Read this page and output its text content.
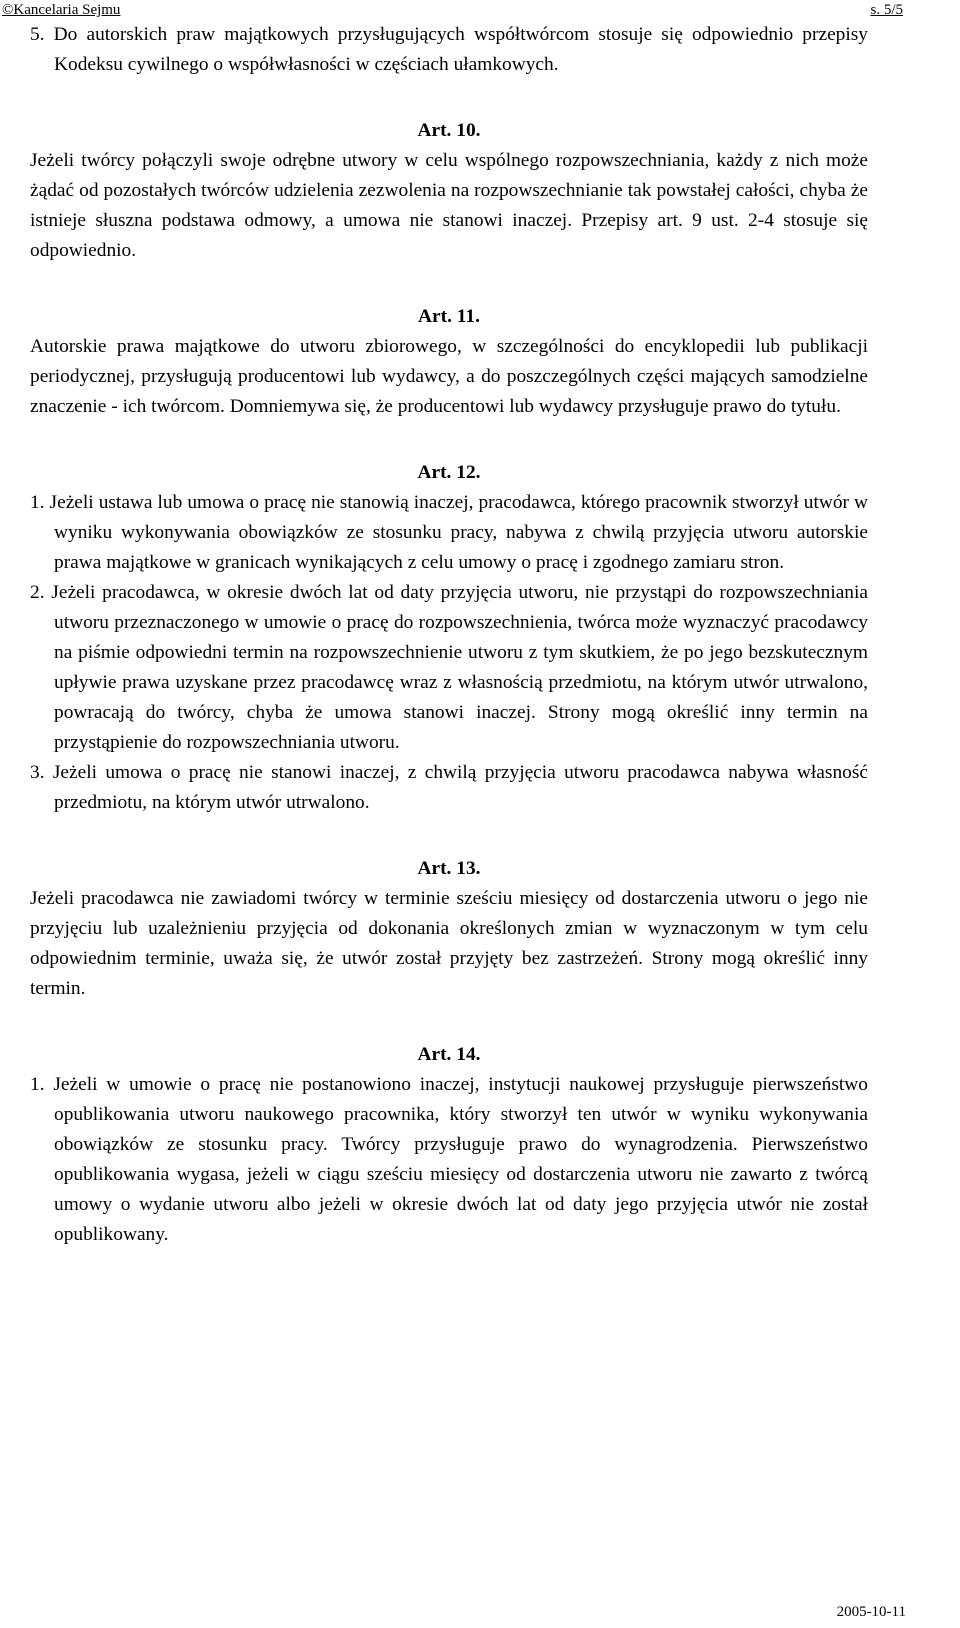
©Kancelaria Sejmu	s. 5/5

5. Do autorskich praw majątkowych przysługujących współtwórcom stosuje się odpowiednio przepisy Kodeksu cywilnego o współwłasności w częściach ułamkowych.

Art. 10.

Jeżeli twórcy połączyli swoje odrębne utwory w celu wspólnego rozpowszechniania, każdy z nich może żądać od pozostałych twórców udzielenia zezwolenia na rozpowszechnianie tak powstałej całości, chyba że istnieje słuszna podstawa odmowy, a umowa nie stanowi inaczej. Przepisy art. 9 ust. 2-4 stosuje się odpowiednio.

Art. 11.

Autorskie prawa majątkowe do utworu zbiorowego, w szczególności do encyklopedii lub publikacji periodycznej, przysługują producentowi lub wydawcy, a do poszczególnych części mających samodzielne znaczenie - ich twórcom. Domniemywa się, że producentowi lub wydawcy przysługuje prawo do tytułu.

Art. 12.

1. Jeżeli ustawa lub umowa o pracę nie stanowią inaczej, pracodawca, którego pracownik stworzył utwór w wyniku wykonywania obowiązków ze stosunku pracy, nabywa z chwilą przyjęcia utworu autorskie prawa majątkowe w granicach wynikających z celu umowy o pracę i zgodnego zamiaru stron.

2. Jeżeli pracodawca, w okresie dwóch lat od daty przyjęcia utworu, nie przystąpi do rozpowszechniania utworu przeznaczonego w umowie o pracę do rozpowszechnienia, twórca może wyznaczyć pracodawcy na piśmie odpowiedni termin na rozpowszechnienie utworu z tym skutkiem, że po jego bezskutecznym upływie prawa uzyskane przez pracodawcę wraz z własnością przedmiotu, na którym utwór utrwalono, powracają do twórcy, chyba że umowa stanowi inaczej. Strony mogą określić inny termin na przystąpienie do rozpowszechniania utworu.

3. Jeżeli umowa o pracę nie stanowi inaczej, z chwilą przyjęcia utworu pracodawca nabywa własność przedmiotu, na którym utwór utrwalono.

Art. 13.

Jeżeli pracodawca nie zawiadomi twórcy w terminie sześciu miesięcy od dostarczenia utworu o jego nie przyjęciu lub uzależnieniu przyjęcia od dokonania określonych zmian w wyznaczonym w tym celu odpowiednim terminie, uważa się, że utwór został przyjęty bez zastrzeżeń. Strony mogą określić inny termin.

Art. 14.

1. Jeżeli w umowie o pracę nie postanowiono inaczej, instytucji naukowej przysługuje pierwszeństwo opublikowania utworu naukowego pracownika, który stworzył ten utwór w wyniku wykonywania obowiązków ze stosunku pracy. Twórcy przysługuje prawo do wynagrodzenia. Pierwszeństwo opublikowania wygasa, jeżeli w ciągu sześciu miesięcy od dostarczenia utworu nie zawarto z twórcą umowy o wydanie utworu albo jeżeli w okresie dwóch lat od daty jego przyjęcia utwór nie został opublikowany.

2005-10-11
